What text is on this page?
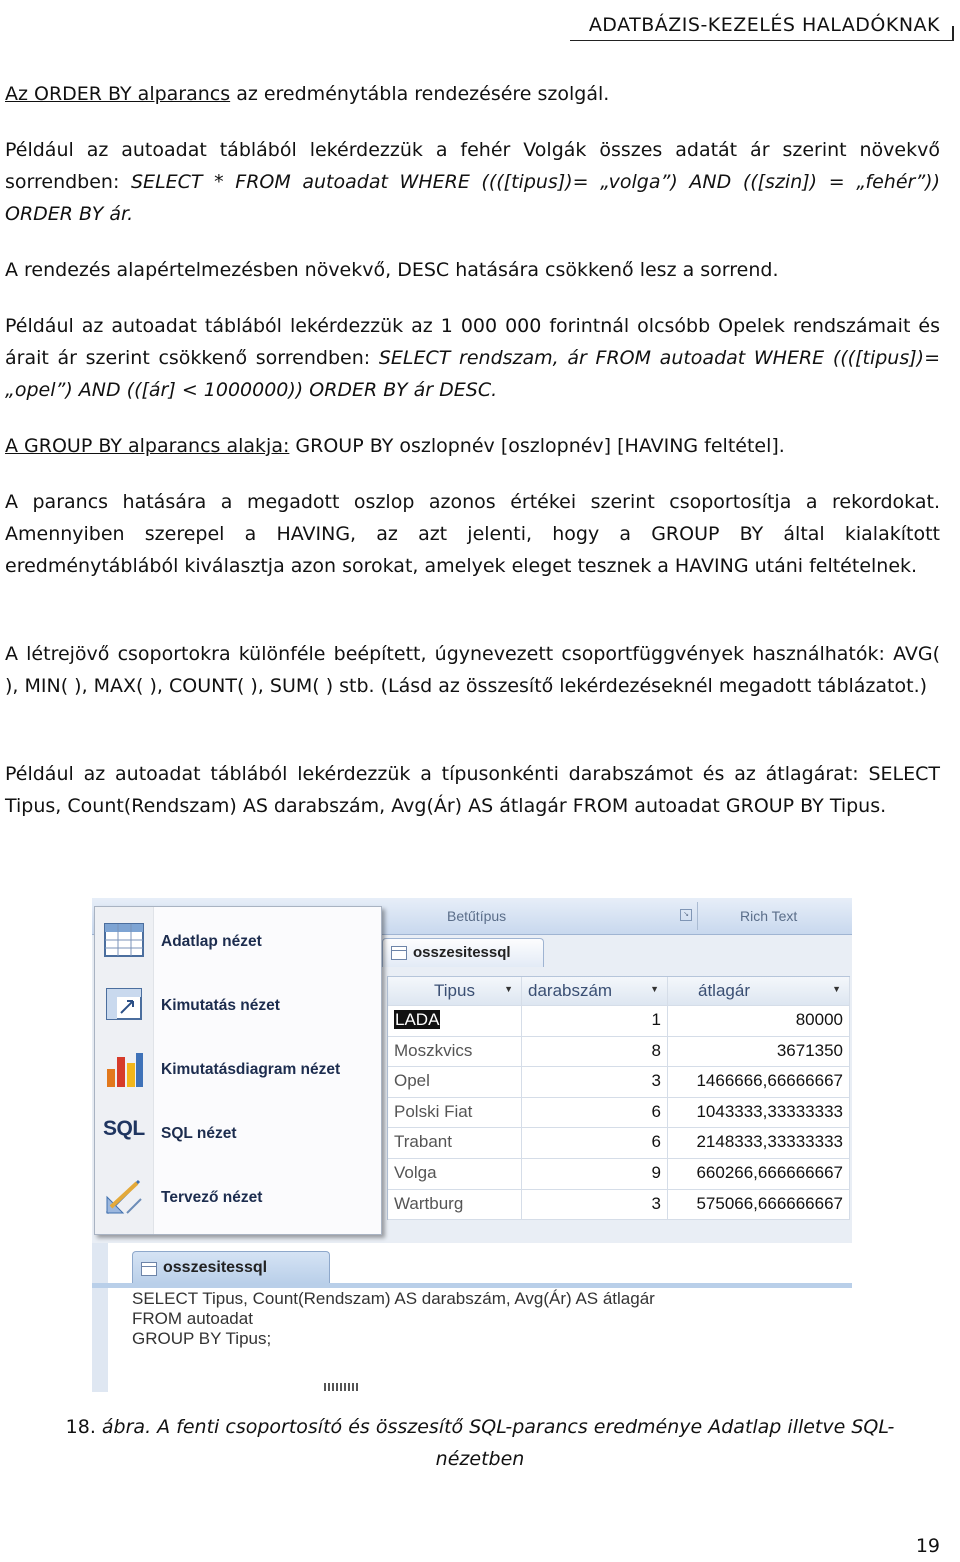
ADATBÁZIS-KEZELÉS HALADÓKNAK

Az ORDER BY alparancs az eredménytábla rendezésére szolgál.

Például az autoadat táblából lekérdezzük a fehér Volgák összes adatát ár szerint növekvő sorrendben: SELECT * FROM autoadat WHERE ((([tipus])= „volga”) AND (([szin]) = „fehér”)) ORDER BY ár.

A rendezés alapértelmezésben növekvő, DESC hatására csökkenő lesz a sorrend.

Például az autoadat táblából lekérdezzük az 1 000 000 forintnál olcsóbb Opelek rendszámait és árait ár szerint csökkenő sorrendben: SELECT rendszam, ár FROM autoadat WHERE ((([tipus])= „opel”) AND (([ár] < 1000000)) ORDER BY ár DESC.

A GROUP BY alparancs alakja: GROUP BY oszlopnév [oszlopnév] [HAVING feltétel].

A parancs hatására a megadott oszlop azonos értékei szerint csoportosítja a rekordokat. Amennyiben szerepel a HAVING, az azt jelenti, hogy a GROUP BY által kialakított eredménytáblából kiválasztja azon sorokat, amelyek eleget tesznek a HAVING utáni feltételnek.

A létrejövő csoportokra különféle beépített, úgynevezett csoportfüggvények használhatók: AVG( ), MIN( ), MAX( ), COUNT( ), SUM( ) stb. (Lásd az összesítő lekérdezéseknél megadott táblázatot.)

Például az autoadat táblából lekérdezzük a típusonkénti darabszámot és az átlagárat: SELECT Tipus, Count(Rendszam) AS darabszám, Avg(Ár) AS átlagár FROM autoadat GROUP BY Tipus.

Betűtípus	↘	Rich Text
osszesitessql
Tipus	▼ darabszám	▼	átlagár	▼
LADA	1	80000
Moszkvics	8	3671350
Opel	3	1466666,66666667
Polski Fiat	6	1043333,33333333
Trabant	6	2148333,33333333
Volga	9	660266,666666667
Wartburg	3	575066,666666667
Adatlap nézet
Kimutatás nézet
Kimutatásdiagram nézet
SQL SQL nézet
Tervező nézet
osszesitessql
SELECT Tipus, Count(Rendszam) AS darabszám, Avg(Ár) AS átlagár
FROM autoadat
GROUP BY Tipus;
18. ábra. A fenti csoportosító és összesítő SQL-parancs eredménye Adatlap illetve SQL-
nézetben
19
